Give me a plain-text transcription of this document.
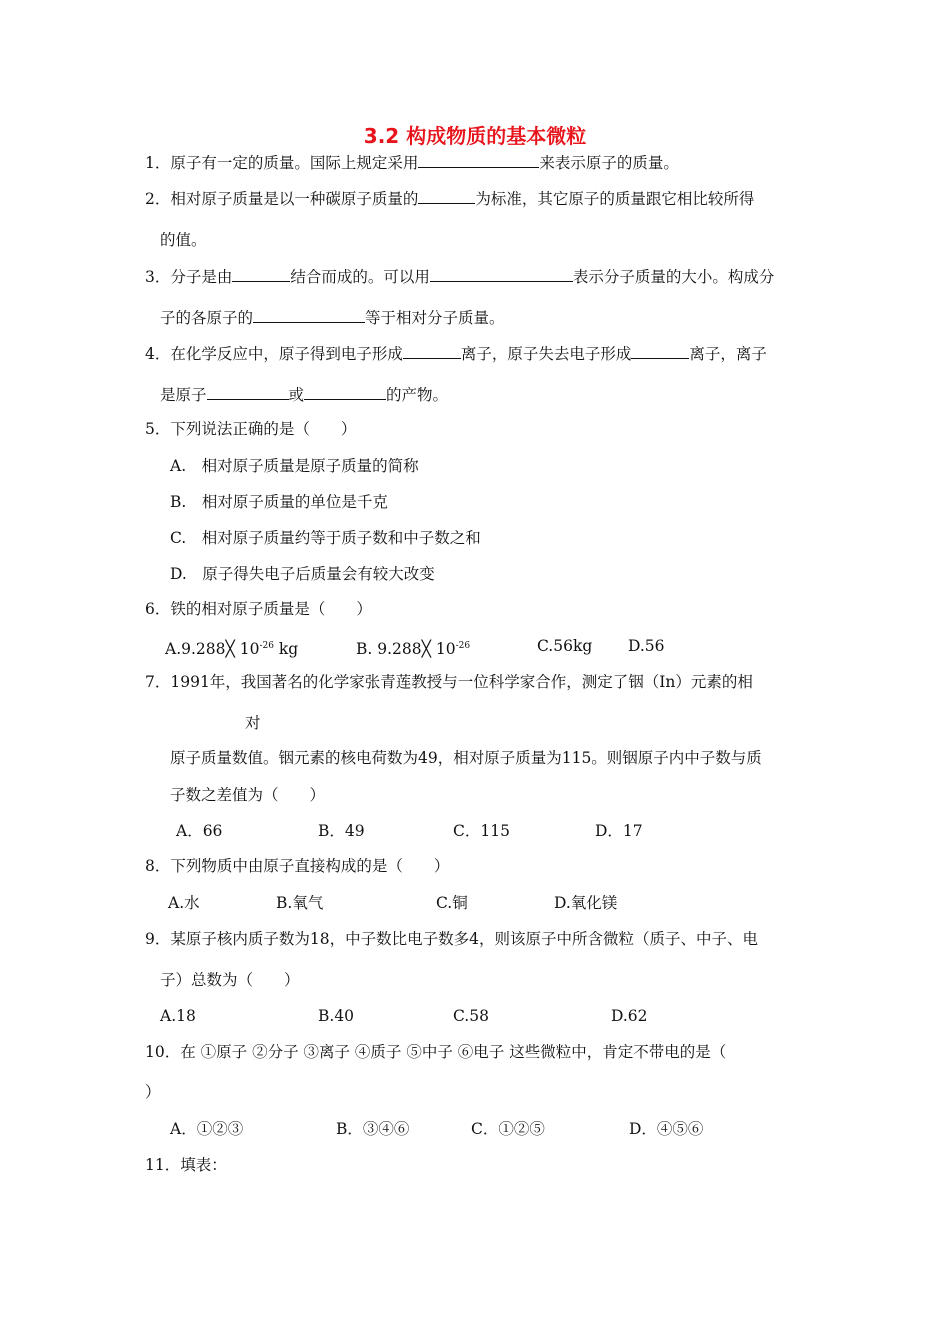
3.2 构成物质的基本微粒
1．原子有一定的质量。国际上规定采用	来表示原子的质量。
2．相对原子质量是以一种碳原子质量的	为标准，其它原子的质量跟它相比较所得
的值。
3．分子是由	结合而成的。可以用	表示分子质量的大小。构成分
子的各原子的	等于相对分子质量。
4．在化学反应中，原子得到电子形成	离子，原子失去电子形成	离子，离子
是原子	或	的产物。
5．下列说法正确的是（　　）
A.　相对原子质量是原子质量的简称
B.　相对原子质量的单位是千克
C.　相对原子质量约等于质子数和中子数之和
D.　原子得失电子后质量会有较大改变
6．铁的相对原子质量是（　　）
A.9.288╳ $10^{-26}$ kg	B. 9.288╳ $10^{-26}$	C.56kg D.56
7．1991年，我国著名的化学家张青莲教授与一位科学家合作，测定了铟（In）元素的相
对
原子质量数值。铟元素的核电荷数为49，相对原子质量为115。则铟原子内中子数与质
子数之差值为（　　）
A．66	B．49	C．115	D．17
8．下列物质中由原子直接构成的是（　　）
A.水	B.氧气	C.铜	D.氧化镁
9．某原子核内质子数为18，中子数比电子数多4，则该原子中所含微粒（质子、中子、电
子）总数为（　　）
A.18	B.40	C.58	D.62
10．在 ①原子 ②分子 ③离子 ④质子 ⑤中子 ⑥电子 这些微粒中，肯定不带电的是（
）
A．①②③	B．③④⑥	C．①②⑤	D．④⑤⑥
11．填表：
